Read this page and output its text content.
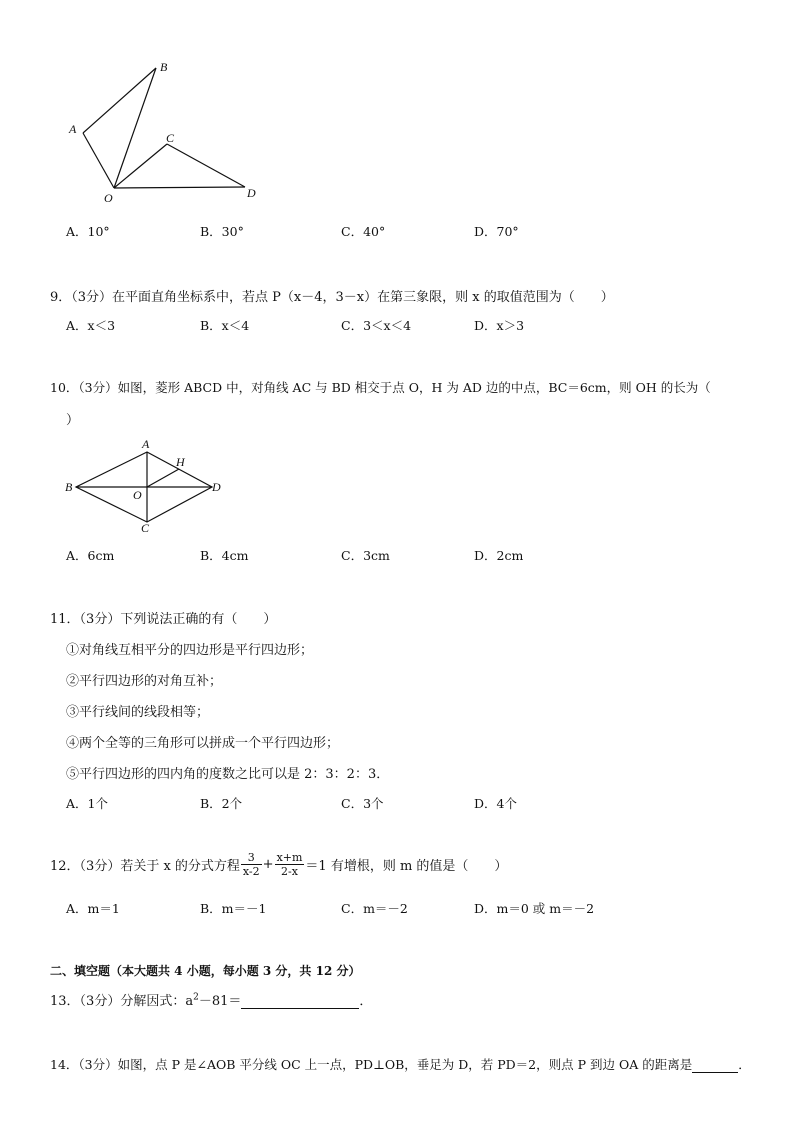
B
A
C
O	D
A．10°	B．30°	C．40°	D．70°
9．（3分）在平面直角坐标系中，若点 P（x－4，3－x）在第三象限，则 x 的取值范围为（　　）
A．x＜3	B．x＜4	C．3＜x＜4	D．x＞3
10．（3分）如图，菱形 ABCD 中，对角线 AC 与 BD 相交于点 O，H 为 AD 边的中点，BC＝6cm，则 OH 的长为（
）
A
H
B
O
D
C
A．6cm	B．4cm	C．3cm	D．2cm
11．（3分）下列说法正确的有（　　）
①对角线互相平分的四边形是平行四边形；
②平行四边形的对角互补；
③平行线间的线段相等；
④两个全等的三角形可以拼成一个平行四边形；
⑤平行四边形的四内角的度数之比可以是 2：3：2：3．
A．1个	B．2个	C．3个	D．4个
12．（3分）若关于 x 的分式方程 $\frac{3}{x-2} + \frac{x+m}{2-x} =1$ 有增根，则 m 的值是（　　）
A．m＝1	B．m＝－1	C．m＝－2	D．m＝0 或 m＝－2
二、填空题（本大题共 4 小题，每小题 3 分，共 12 分）
13．（3分）分解因式：$a^2-81=$	．
14．（3分）如图，点 P 是∠AOB 平分线 OC 上一点，PD⊥OB，垂足为 D，若 PD＝2，则点 P 到边 OA 的距离是	．
